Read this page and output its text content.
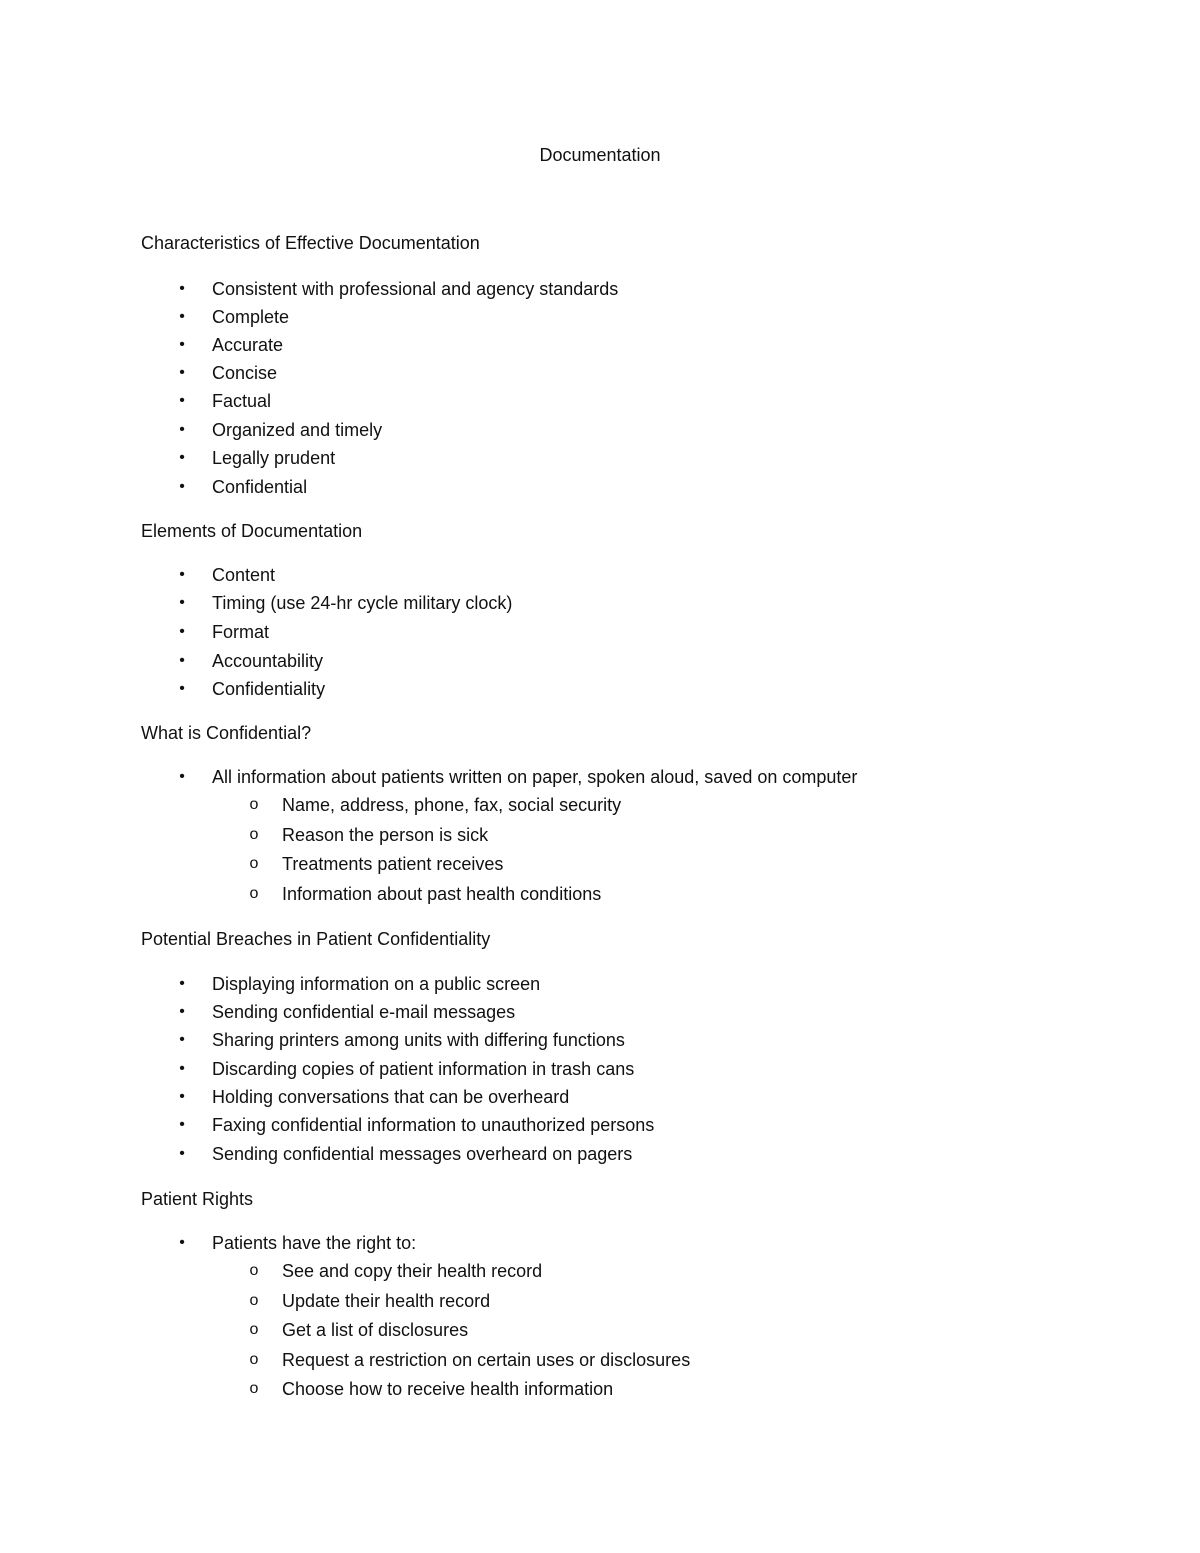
Documentation
Characteristics of Effective Documentation
• Consistent with professional and agency standards
• Complete
• Accurate
• Concise
• Factual
• Organized and timely
• Legally prudent
• Confidential
Elements of Documentation
• Content
• Timing (use 24-hr cycle military clock)
• Format
• Accountability
• Confidentiality
What is Confidential?
• All information about patients written on paper, spoken aloud, saved on computer
o Name, address, phone, fax, social security
o Reason the person is sick
o Treatments patient receives
o Information about past health conditions
Potential Breaches in Patient Confidentiality
• Displaying information on a public screen
• Sending confidential e-mail messages
• Sharing printers among units with differing functions
• Discarding copies of patient information in trash cans
• Holding conversations that can be overheard
• Faxing confidential information to unauthorized persons
• Sending confidential messages overheard on pagers
Patient Rights
• Patients have the right to:
o See and copy their health record
o Update their health record
o Get a list of disclosures
o Request a restriction on certain uses or disclosures
o Choose how to receive health information
